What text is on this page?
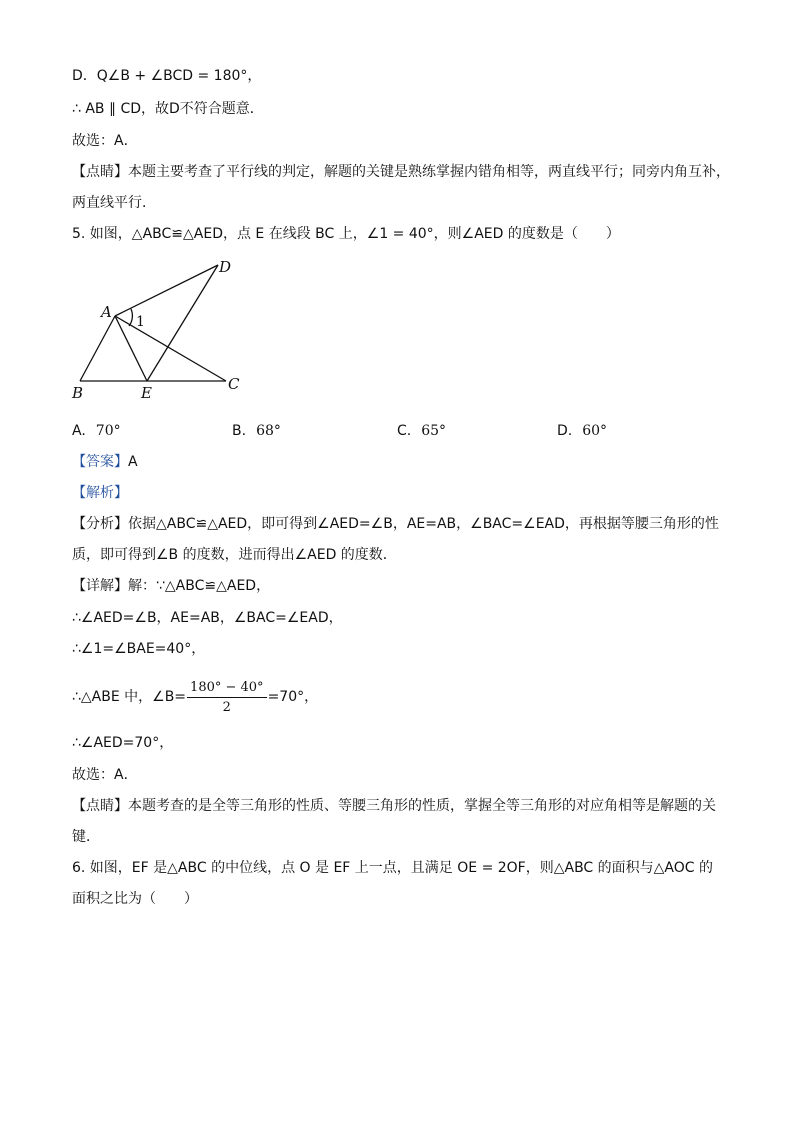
D．Q∠B + ∠BCD = 180°，
∴ AB ∥ CD，故D不符合题意．
故选：A．
【点睛】本题主要考查了平行线的判定，解题的关键是熟练掌握内错角相等，两直线平行；同旁内角互补，
两直线平行．
5. 如图，△ABC≌△AED，点 E 在线段 BC 上，∠1 = 40°，则∠AED 的度数是（　　）
D
A
1
B	E	C
A. 70°	B. 68°	C. 65°	D. 60°
【答案】A
【解析】
【分析】依据△ABC≌△AED，即可得到∠AED=∠B，AE=AB，∠BAC=∠EAD，再根据等腰三角形的性
质，即可得到∠B 的度数，进而得出∠AED 的度数．
【详解】解：∵△ABC≌△AED，
∴∠AED=∠B，AE=AB，∠BAC=∠EAD，
∴∠1=∠BAE=40°，
∴△ABE 中，∠B= $\frac{180^\circ - 40^\circ}{2} =70^\circ$，
∴∠AED=70°，
故选：A．
【点睛】本题考查的是全等三角形的性质、等腰三角形的性质，掌握全等三角形的对应角相等是解题的关
键．
6. 如图，EF 是△ABC 的中位线，点 O 是 EF 上一点，且满足 OE = 2OF，则△ABC 的面积与△AOC 的
面积之比为（　　）
